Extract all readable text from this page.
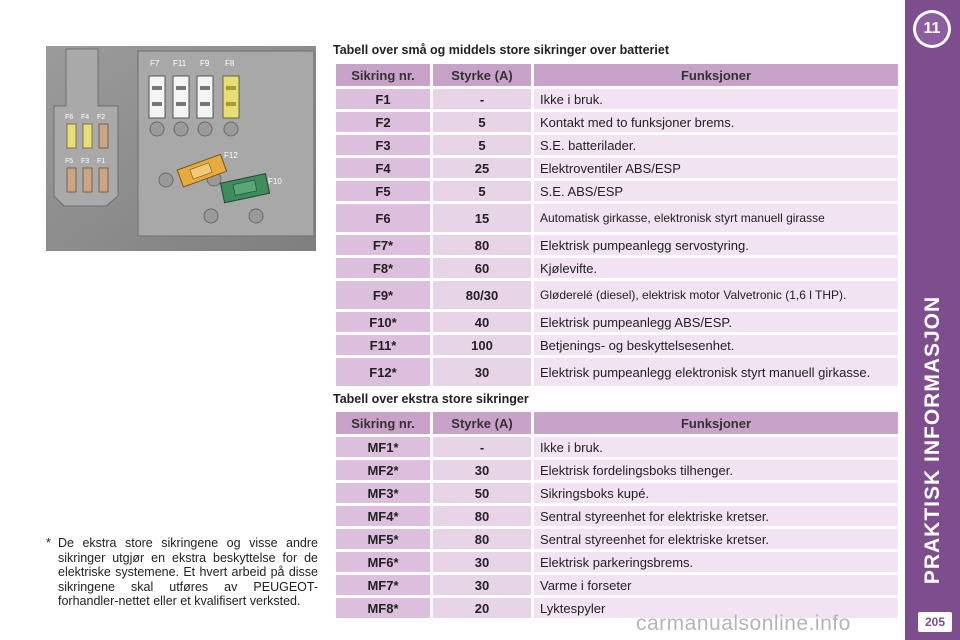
11
PRAKTISK INFORMASJON
205
F7 F11 F9 F8
F12
F10
F6 F4 F2
F5 F3 F1
Tabell over små og middels store sikringer over batteriet
Sikring nr.	Styrke (A)	Funksjoner
F1	-	Ikke i bruk.
F2	5	Kontakt med to funksjoner brems.
F3	5	S.E. batterilader.
F4	25	Elektroventiler ABS/ESP
F5	5	S.E. ABS/ESP
F6	15	Automatisk girkasse, elektronisk styrt manuell girasse
F7*	80	Elektrisk pumpeanlegg servostyring.
F8*	60	Kjølevifte.
F9*	80/30	Gløderelé (diesel), elektrisk motor Valvetronic (1,6 l THP).
F10*	40	Elektrisk pumpeanlegg ABS/ESP.
F11*	100	Betjenings- og beskyttelsesenhet.
F12*	30	Elektrisk pumpeanlegg elektronisk styrt manuell girkasse.
Tabell over ekstra store sikringer
Sikring nr.	Styrke (A)	Funksjoner
MF1*	-	Ikke i bruk.
MF2*	30	Elektrisk fordelingsboks tilhenger.
MF3*	50	Sikringsboks kupé.
MF4*	80	Sentral styreenhet for elektriske kretser.
MF5*	80	Sentral styreenhet for elektriske kretser.
MF6*	30	Elektrisk parkeringsbrems.
MF7*	30	Varme i forseter
MF8*	20	Lyktespyler
* De ekstra store sikringene og visse andre sikringer utgjør en ekstra beskyttelse for de elektriske systemene. Et hvert arbeid på disse sikringene skal utføres av PEUGEOT-forhandler-nettet eller et kvalifisert verksted.
carmanualsonline.info
